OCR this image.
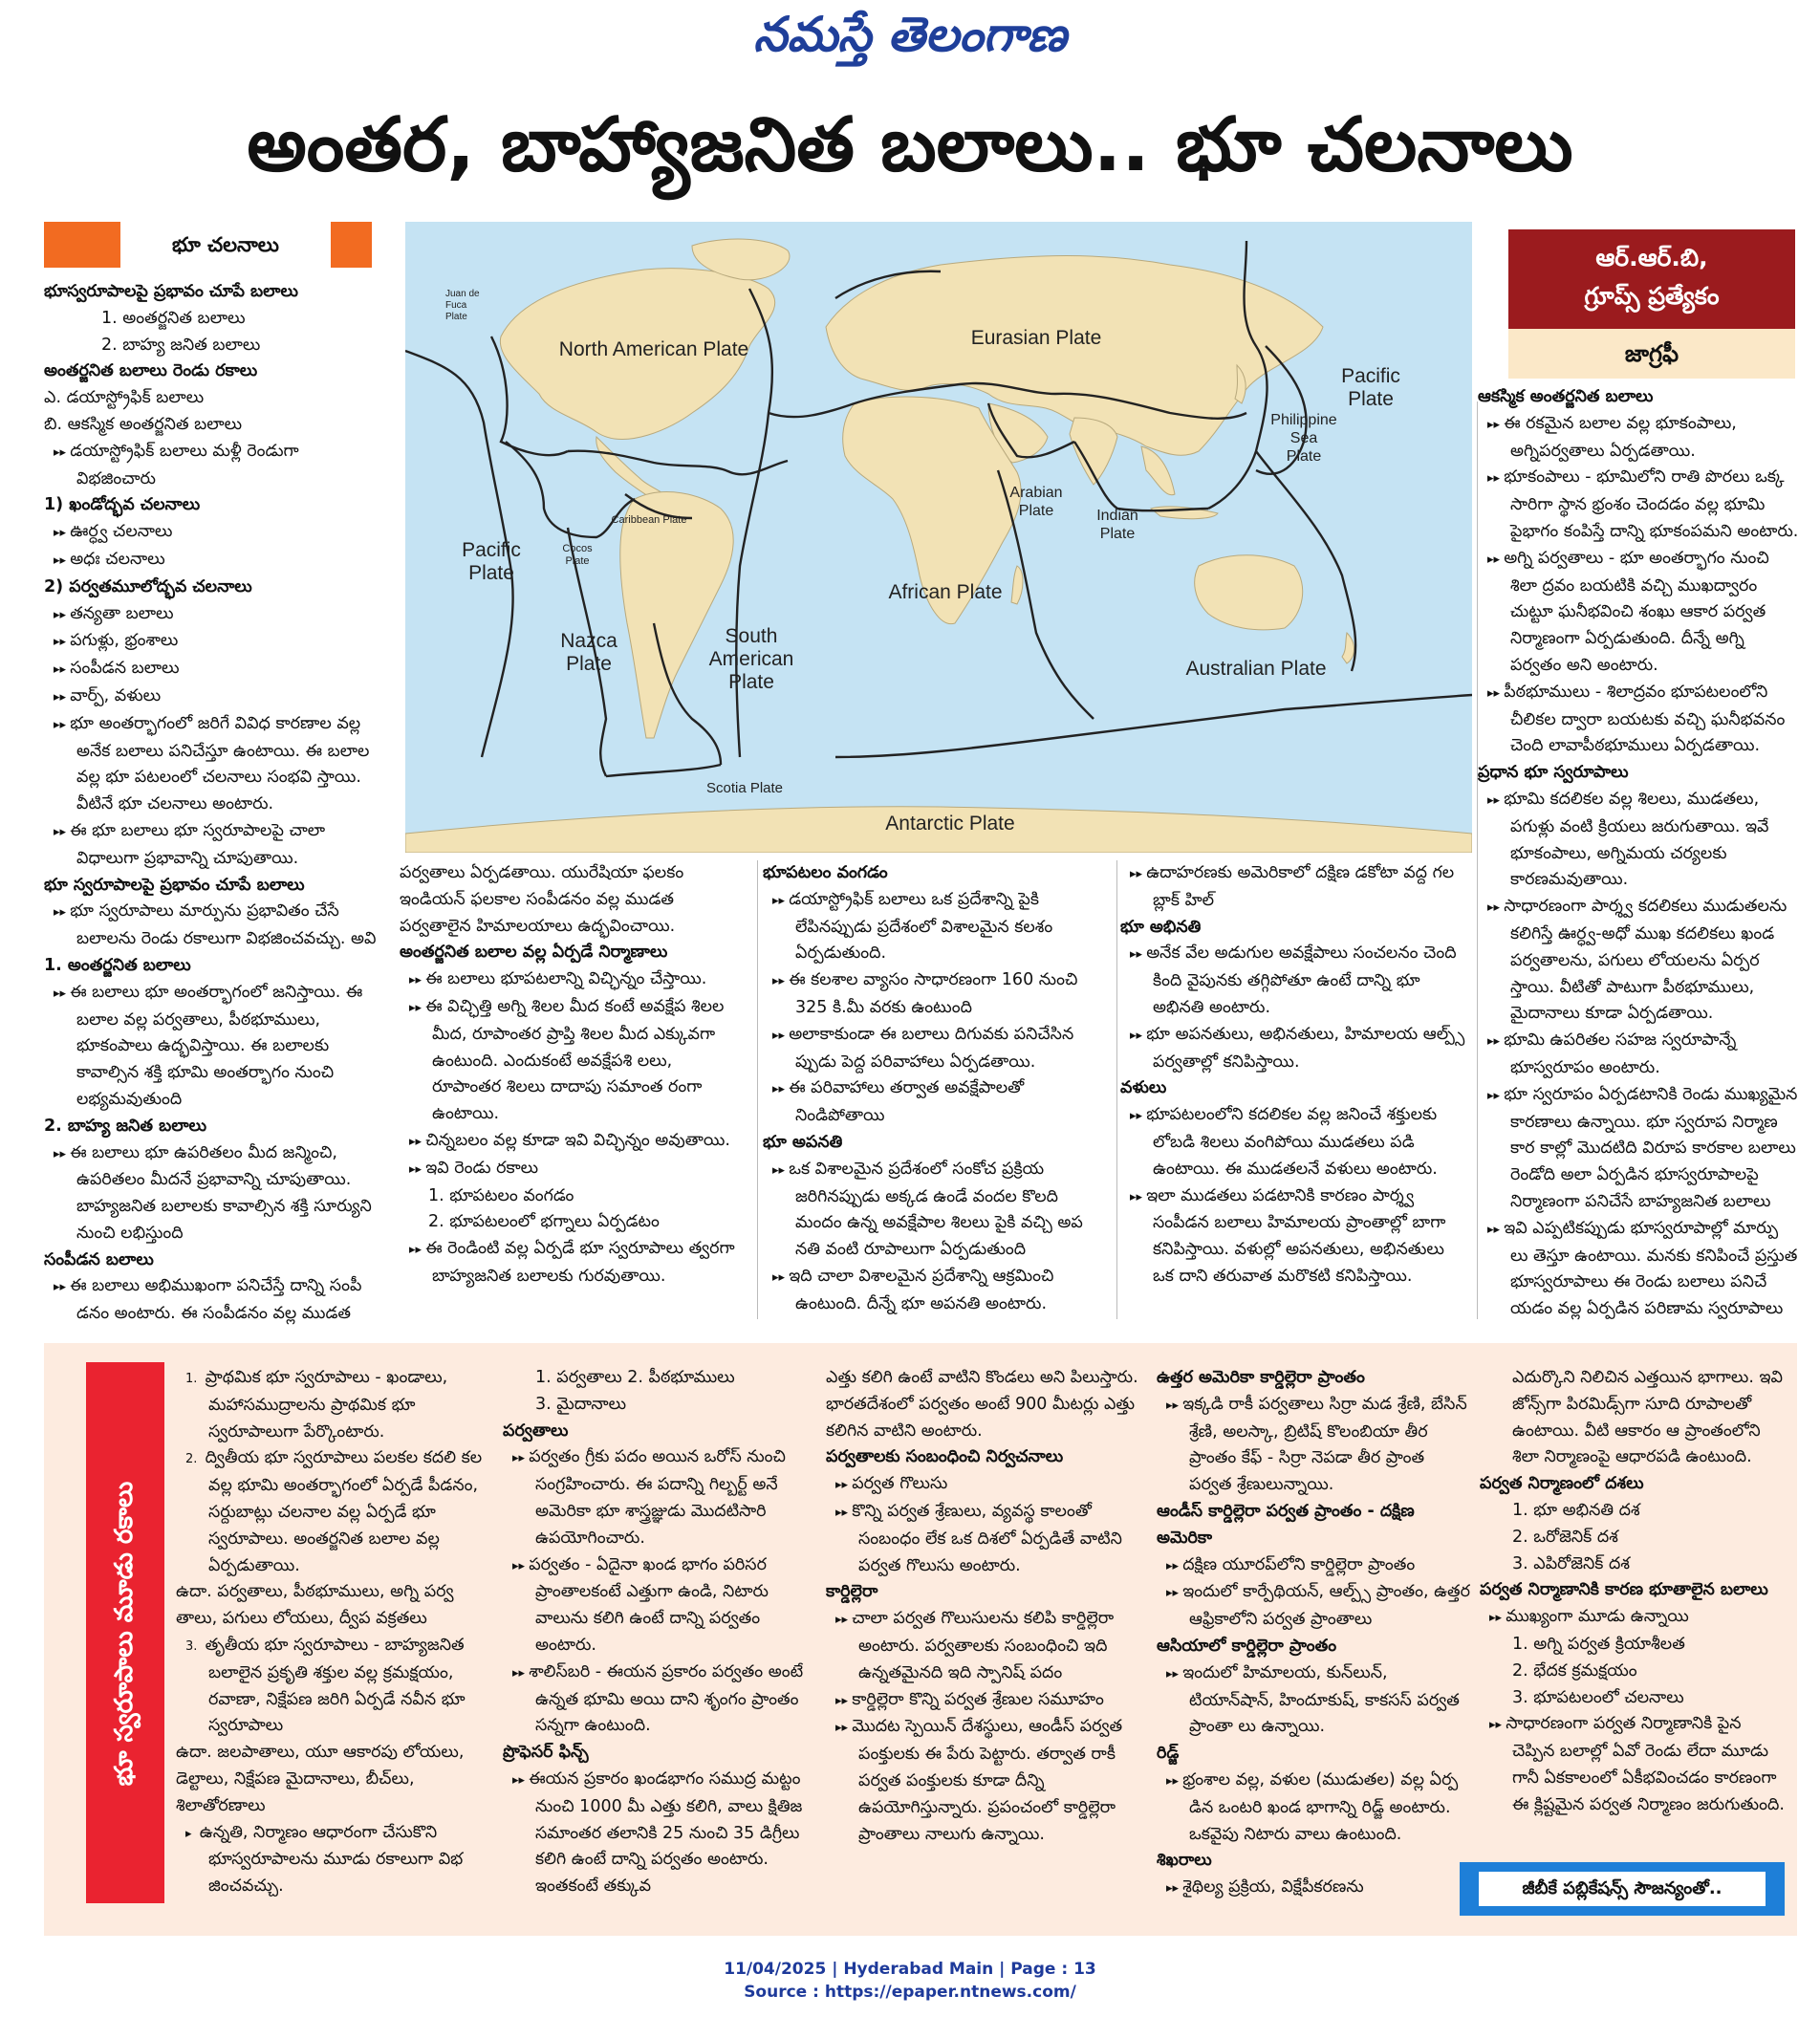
నమస్తే తెలంగాణ
అంతర, బాహ్యాజనిత బలాలు.. భూ చలనాలు
భూ చలనాలు

భూస్వరూపాలపై ప్రభావం చూపే బలాలు

1. అంతర్జనిత బలాలు

2. బాహ్య జనిత బలాలు

అంతర్జనిత బలాలు రెండు రకాలు

ఎ. డయాస్ట్రోఫిక్ బలాలు

బి. ఆకస్మిక అంతర్జనిత బలాలు

▸▸ డయాస్ట్రోఫిక్ బలాలు మళ్లీ రెండుగా విభజించారు

1) ఖండోద్భవ చలనాలు

▸▸ ఊర్ధ్వ చలనాలు

▸▸ అధః చలనాలు

2) పర్వతమూలోద్భవ చలనాలు

▸▸ తన్యతా బలాలు

▸▸ పగుళ్లు, భ్రంశాలు

▸▸ సంపీడన బలాలు

▸▸ వార్ప్, వళులు

▸▸ భూ అంతర్భాగంలో జరిగే వివిధ కారణాల వల్ల అనేక బలాలు పనిచేస్తూ ఉంటాయి. ఈ బలాల వల్ల భూ పటలంలో చలనాలు సంభవి స్తాయి. వీటినే భూ చలనాలు అంటారు.

▸▸ ఈ భూ బలాలు భూ స్వరూపాలపై చాలా విధాలుగా ప్రభావాన్ని చూపుతాయి.

భూ స్వరూపాలపై ప్రభావం చూపే బలాలు

▸▸ భూ స్వరూపాలు మార్పును ప్రభావితం చేసే బలాలను రెండు రకాలుగా విభజించవచ్చు. అవి

1. అంతర్జనిత బలాలు

▸▸ ఈ బలాలు భూ అంతర్భాగంలో జనిస్తాయి. ఈ బలాల వల్ల పర్వతాలు, పీఠభూములు, భూకంపాలు ఉద్భవిస్తాయి. ఈ బలాలకు కావాల్సిన శక్తి భూమి అంతర్భాగం నుంచి లభ్యమవుతుంది

2. బాహ్య జనిత బలాలు

▸▸ ఈ బలాలు భూ ఉపరితలం మీద జన్మించి, ఉపరితలం మీదనే ప్రభావాన్ని చూపుతాయి. బాహ్యజనిత బలాలకు కావాల్సిన శక్తి సూర్యుని నుంచి లభిస్తుంది

సంపీడన బలాలు

▸▸ ఈ బలాలు అభిముఖంగా పనిచేస్తే దాన్ని సంపీ డనం అంటారు. ఈ సంపీడనం వల్ల ముడత

Juan de Fuca Plate
North American Plate
Eurasian Plate
Pacific Plate
Philippine Sea Plate
Arabian Plate	Indian Plate
Caribbean Plate
Cocos Plate
Pacific Plate
African Plate
Nazca Plate
South American Plate
Australian Plate
Scotia Plate
Antarctic Plate
ఆర్.ఆర్.బి,
గ్రూప్స్ ప్రత్యేకం
జాగ్రఫీ

పర్వతాలు ఏర్పడతాయి. యురేషియా ఫలకం ఇండియన్ ఫలకాల సంపీడనం వల్ల ముడత పర్వతాలైన హిమాలయాలు ఉద్భవించాయి.

అంతర్జనిత బలాల వల్ల ఏర్పడే నిర్మాణాలు

▸▸ ఈ బలాలు భూపటలాన్ని విచ్ఛిన్నం చేస్తాయి.

▸▸ ఈ విచ్ఛిత్తి అగ్ని శిలల మీద కంటే అవక్షేప శిలల మీద, రూపాంతర ప్రాప్తి శిలల మీద ఎక్కువగా ఉంటుంది. ఎందుకంటే అవక్షేపశి లలు, రూపాంతర శిలలు దాదాపు సమాంత రంగా ఉంటాయి.

▸▸ చిన్నబలం వల్ల కూడా ఇవి విచ్ఛిన్నం అవుతాయి.

▸▸ ఇవి రెండు రకాలు

1. భూపటలం వంగడం

2. భూపటలంలో భగ్నాలు ఏర్పడటం

▸▸ ఈ రెండింటి వల్ల ఏర్పడే భూ స్వరూపాలు త్వరగా బాహ్యజనిత బలాలకు గురవుతాయి.

భూపటలం వంగడం

▸▸ డయాస్ట్రోఫిక్ బలాలు ఒక ప్రదేశాన్ని పైకి లేపినప్పుడు ప్రదేశంలో విశాలమైన కలశం ఏర్పడుతుంది.

▸▸ ఈ కలశాల వ్యాసం సాధారణంగా 160 నుంచి 325 కి.మీ వరకు ఉంటుంది

▸▸ అలాకాకుండా ఈ బలాలు దిగువకు పనిచేసిన ప్పుడు పెద్ద పరివాహాలు ఏర్పడతాయి.

▸▸ ఈ పరివాహాలు తర్వాత అవక్షేపాలతో నిండిపోతాయి

భూ అపనతి

▸▸ ఒక విశాలమైన ప్రదేశంలో సంకోచ ప్రక్రియ జరిగినప్పుడు అక్కడ ఉండే వందల కొలది మందం ఉన్న అవక్షేపాల శిలలు పైకి వచ్చి అప నతి వంటి రూపాలుగా ఏర్పడుతుంది

▸▸ ఇది చాలా విశాలమైన ప్రదేశాన్ని ఆక్రమించి ఉంటుంది. దీన్నే భూ అపనతి అంటారు.

▸▸ ఉదాహరణకు అమెరికాలో దక్షిణ డకోటా వద్ద గల బ్లాక్ హిల్

భూ అభినతి

▸▸ అనేక వేల అడుగుల అవక్షేపాలు సంచలనం చెంది కింది వైపునకు తగ్గిపోతూ ఉంటే దాన్ని భూ అభినతి అంటారు.

▸▸ భూ అపనతులు, అభినతులు, హిమాలయ ఆల్ప్స్ పర్వతాల్లో కనిపిస్తాయి.

వళులు

▸▸ భూపటలంలోని కదలికల వల్ల జనించే శక్తులకు లోబడి శిలలు వంగిపోయి ముడతలు పడి ఉంటాయి. ఈ ముడతలనే వళులు అంటారు.

▸▸ ఇలా ముడతలు పడటానికి కారణం పార్శ్వ సంపీడన బలాలు హిమాలయ ప్రాంతాల్లో బాగా కనిపిస్తాయి. వళుల్లో అపనతులు, అభినతులు ఒక దాని తరువాత మరొకటి కనిపిస్తాయి.

ఆకస్మిక అంతర్జనిత బలాలు

▸▸ ఈ రకమైన బలాల వల్ల భూకంపాలు, అగ్నిపర్వతాలు ఏర్పడతాయి.

▸▸ భూకంపాలు - భూమిలోని రాతి పొరలు ఒక్క సారిగా స్థాన భ్రంశం చెందడం వల్ల భూమి పైభాగం కంపిస్తే దాన్ని భూకంపమని అంటారు.

▸▸ అగ్ని పర్వతాలు - భూ అంతర్భాగం నుంచి శిలా ద్రవం బయటికి వచ్చి ముఖద్వారం చుట్టూ ఘనీభవించి శంఖు ఆకార పర్వత నిర్మాణంగా ఏర్పడుతుంది. దీన్నే అగ్ని పర్వతం అని అంటారు.

▸▸ పీఠభూములు - శిలాద్రవం భూపటలంలోని చీలికల ద్వారా బయటకు వచ్చి ఘనీభవనం చెంది లావాపీఠభూములు ఏర్పడతాయి.

ప్రధాన భూ స్వరూపాలు

▸▸ భూమి కదలికల వల్ల శిలలు, ముడతలు, పగుళ్లు వంటి క్రియలు జరుగుతాయి. ఇవే భూకంపాలు, అగ్నిమయ చర్యలకు కారణమవుతాయి.

▸▸ సాధారణంగా పార్శ్వ కదలికలు ముడుతలను కలిగిస్తే ఊర్ధ్వ-అధో ముఖ కదలికలు ఖండ పర్వతాలను, పగులు లోయలను ఏర్పర స్తాయి. వీటితో పాటుగా పీఠభూములు, మైదానాలు కూడా ఏర్పడతాయి.

▸▸ భూమి ఉపరితల సహజ స్వరూపాన్నే భూస్వరూపం అంటారు.

▸▸ భూ స్వరూపం ఏర్పడటానికి రెండు ముఖ్యమైన కారణాలు ఉన్నాయి. భూ స్వరూప నిర్మాణ కార కాల్లో మొదటిది విరూప కారకాల బలాలు రెండోది అలా ఏర్పడిన భూస్వరూపాలపై నిర్మాణంగా పనిచేసే బాహ్యజనిత బలాలు

▸▸ ఇవి ఎప్పటికప్పుడు భూస్వరూపాల్లో మార్పు లు తెస్తూ ఉంటాయి. మనకు కనిపించే ప్రస్తుత భూస్వరూపాలు ఈ రెండు బలాలు పనిచే యడం వల్ల ఏర్పడిన పరిణామ స్వరూపాలు

భూ స్వరూపాలు మూడు రకాలు

1.  ప్రాథమిక భూ స్వరూపాలు - ఖండాలు, మహాసముద్రాలను ప్రాథమిక భూ స్వరూపాలుగా పేర్కొంటారు.

2.  ద్వితీయ భూ స్వరూపాలు పలకల కదలి కల వల్ల భూమి అంతర్భాగంలో ఏర్పడే పీడనం, సర్దుబాట్లు చలనాల వల్ల ఏర్పడే భూ స్వరూపాలు. అంతర్జనిత బలాల వల్ల ఏర్పడుతాయి.

ఉదా. పర్వతాలు, పీఠభూములు, అగ్ని పర్వ తాలు, పగులు లోయలు, ద్వీప వక్రతలు

3.  తృతీయ భూ స్వరూపాలు - బాహ్యజనిత బలాలైన ప్రకృతి శక్తుల వల్ల క్రమక్షయం, రవాణా, నిక్షేపణ జరిగి ఏర్పడే నవీన భూ స్వరూపాలు

ఉదా. జలపాతాలు, యూ ఆకారపు లోయలు, డెల్టాలు, నిక్షేపణ మైదానాలు, బీచ్‌లు, శిలాతోరణాలు

▸  ఉన్నతి, నిర్మాణం ఆధారంగా చేసుకొని భూస్వరూపాలను మూడు రకాలుగా విభ జించవచ్చు.

1. పర్వతాలు 2. పీఠభూములు

3. మైదానాలు

పర్వతాలు

▸▸ పర్వతం గ్రీకు పదం అయిన ఒరోస్ నుంచి సంగ్రహించారు. ఈ పదాన్ని గిల్బర్ట్ అనే అమెరికా భూ శాస్త్రజ్ఞుడు మొదటిసారి ఉపయోగించారు.

▸▸ పర్వతం - ఏదైనా ఖండ భాగం పరిసర ప్రాంతాలకంటే ఎత్తుగా ఉండి, నిటారు వాలును కలిగి ఉంటే దాన్ని పర్వతం అంటారు.

▸▸ శాలిస్‌బరి - ఈయన ప్రకారం పర్వతం అంటే ఉన్నత భూమి అయి దాని శృంగం ప్రాంతం సన్నగా ఉంటుంది.

ప్రొఫెసర్ ఫిన్చ్

▸▸ ఈయన ప్రకారం ఖండభాగం సముద్ర మట్టం నుంచి 1000 మీ ఎత్తు కలిగి, వాలు క్షితిజ సమాంతర తలానికి 25 నుంచి 35 డిగ్రీలు కలిగి ఉంటే దాన్ని పర్వతం అంటారు. ఇంతకంటే తక్కువ

ఎత్తు కలిగి ఉంటే వాటిని కొండలు అని పిలుస్తారు. భారతదేశంలో పర్వతం అంటే 900 మీటర్లు ఎత్తు కలిగిన వాటిని అంటారు.

పర్వతాలకు సంబంధించి నిర్వచనాలు

▸▸ పర్వత గొలుసు

▸▸ కొన్ని పర్వత శ్రేణులు, వ్యవస్థ కాలంతో సంబంధం లేక ఒక దిశలో ఏర్పడితే వాటిని పర్వత గొలుసు అంటారు.

కార్డిల్లెరా

▸▸ చాలా పర్వత గొలుసులను కలిపి కార్డిల్లెరా అంటారు. పర్వతాలకు సంబంధించి ఇది ఉన్నతమైనది ఇది స్పానిష్ పదం

▸▸ కార్డిల్లెరా కొన్ని పర్వత శ్రేణుల సమూహం

▸▸ మొదట స్పెయిన్ దేశస్థులు, ఆండీస్ పర్వత పంక్తులకు ఈ పేరు పెట్టారు. తర్వాత రాకీ పర్వత పంక్తులకు కూడా దీన్ని ఉపయోగిస్తున్నారు. ప్రపంచంలో కార్డిల్లెరా ప్రాంతాలు నాలుగు ఉన్నాయి.

ఉత్తర అమెరికా కార్డిల్లెరా ప్రాంతం

▸▸ ఇక్కడి రాకీ పర్వతాలు సిర్రా మడ శ్రేణి, బేసిన్ శ్రేణి, అలస్కా, బ్రిటిష్ కొలంబియా తీర ప్రాంతం కేఫ్ - సిర్రా నెపడా తీర ప్రాంత పర్వత శ్రేణులున్నాయి.

ఆండీస్ కార్డిల్లెరా పర్వత ప్రాంతం - దక్షిణ అమెరికా

▸▸ దక్షిణ యూరప్‌లోని కార్డిల్లెరా ప్రాంతం

▸▸ ఇందులో కార్పేథియన్, ఆల్ప్స్ ప్రాంతం, ఉత్తర ఆఫ్రికాలోని పర్వత ప్రాంతాలు

ఆసియాలో కార్డిల్లెరా ప్రాంతం

▸▸ ఇందులో హిమాలయ, కున్‌లున్, టియాన్‌షాన్, హిందూకుష్, కాకసస్ పర్వత ప్రాంతా లు ఉన్నాయి.

రిడ్జ్

▸▸ భ్రంశాల వల్ల, వళుల (ముడుతల) వల్ల ఏర్ప డిన ఒంటరి ఖండ భాగాన్ని రిడ్జ్ అంటారు. ఒకవైపు నిటారు వాలు ఉంటుంది.

శిఖరాలు

▸▸ శైథిల్య ప్రక్రియ, విక్షేపీకరణను

ఎదుర్కొని నిలిచిన ఎత్తయిన భాగాలు. ఇవి జోన్స్‌గా పిరమిడ్స్‌గా సూది రూపాలతో ఉంటాయి. వీటి ఆకారం ఆ ప్రాంతంలోని శిలా నిర్మాణంపై ఆధారపడి ఉంటుంది.

పర్వత నిర్మాణంలో దశలు

1. భూ అభినతి దశ

2. ఒరోజెనిక్ దశ

3. ఎపిరోజెనిక్ దశ

పర్వత నిర్మాణానికి కారణ భూతాలైన బలాలు

▸▸ ముఖ్యంగా మూడు ఉన్నాయి

1. అగ్ని పర్వత క్రియాశీలత

2. భేదక క్రమక్షయం

3. భూపటలంలో చలనాలు

▸▸ సాధారణంగా పర్వత నిర్మాణానికి పైన చెప్పిన బలాల్లో ఏవో రెండు లేదా మూడు గానీ ఏకకాలంలో ఏకీభవించడం కారణంగా ఈ క్లిష్టమైన పర్వత నిర్మాణం జరుగుతుంది.

జీబీకే పబ్లికేషన్స్ సౌజన్యంతో..
11/04/2025 | Hyderabad Main | Page : 13
Source : https://epaper.ntnews.com/
